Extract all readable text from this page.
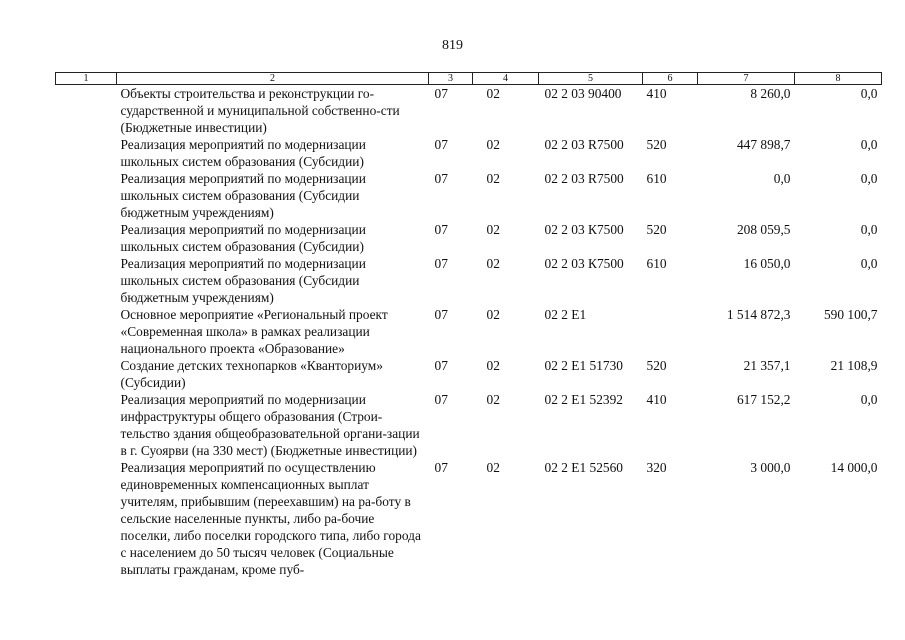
819
1	2	3	4	5	6	7	8
	Объекты строительства и реконструкции го-сударственной и муниципальной собственно-сти (Бюджетные инвестиции)	07	02	02 2 03 90400	410	8 260,0	0,0
	Реализация мероприятий по модернизации школьных систем образования (Субсидии)	07	02	02 2 03 R7500	520	447 898,7	0,0
	Реализация мероприятий по модернизации школьных систем образования (Субсидии бюджетным учреждениям)	07	02	02 2 03 R7500	610	0,0	0,0
	Реализация мероприятий по модернизации школьных систем образования (Субсидии)	07	02	02 2 03 К7500	520	208 059,5	0,0
	Реализация мероприятий по модернизации школьных систем образования (Субсидии бюджетным учреждениям)	07	02	02 2 03 К7500	610	16 050,0	0,0
	Основное мероприятие «Региональный проект «Современная школа» в рамках реализации национального проекта «Образование»	07	02	02 2 E1		1 514 872,3	590 100,7
	Создание детских технопарков «Кванториум» (Субсидии)	07	02	02 2 E1 51730	520	21 357,1	21 108,9
	Реализация мероприятий по модернизации инфраструктуры общего образования (Строи-тельство здания общеобразовательной органи-зации в г. Суоярви (на 330 мест) (Бюджетные инвестиции)	07	02	02 2 E1 52392	410	617 152,2	0,0
	Реализация мероприятий по осуществлению единовременных компенсационных выплат учителям, прибывшим (переехавшим) на ра-боту в сельские населенные пункты, либо ра-бочие поселки, либо поселки городского типа, либо города с населением до 50 тысяч человек (Социальные выплаты гражданам, кроме пуб-	07	02	02 2 E1 52560	320	3 000,0	14 000,0
